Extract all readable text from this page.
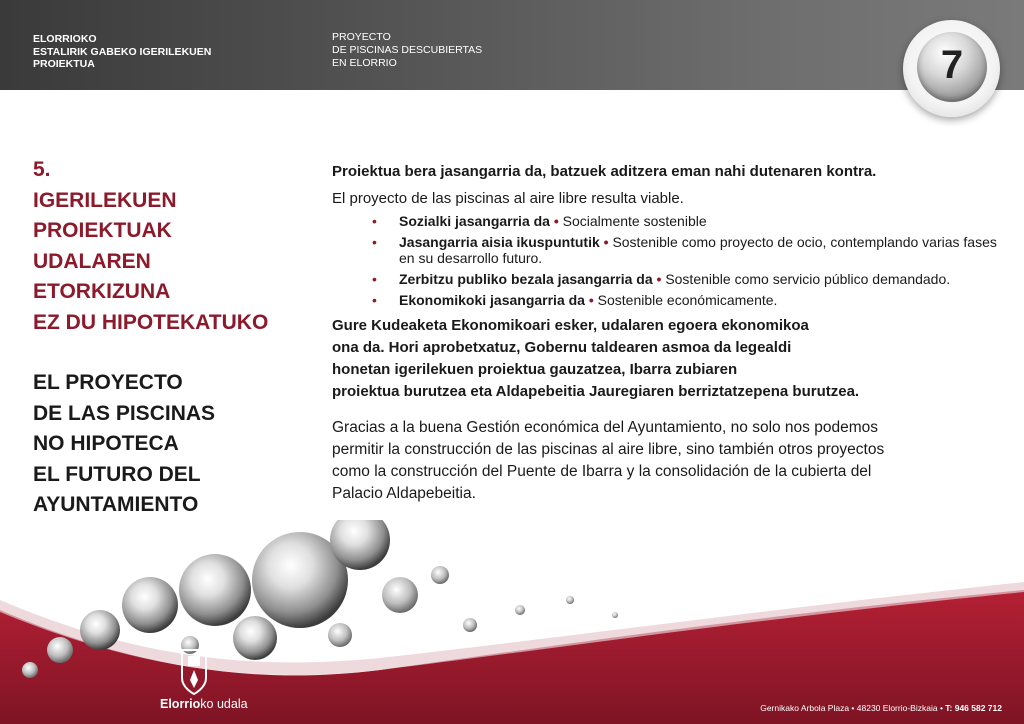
ELORRIOKO
ESTALIRIK GABEKO IGERILEKUEN
PROIEKTUA
PROYECTO
DE PISCINAS DESCUBIERTAS
EN ELORRIO	7
5.
IGERILEKUEN
PROIEKTUAK
UDALAREN
ETORKIZUNA
EZ DU HIPOTEKATUKO
EL PROYECTO
DE LAS PISCINAS
NO HIPOTECA
EL FUTURO DEL
AYUNTAMIENTO
Proiektua bera jasangarria da, batzuek aditzera eman nahi dutenaren kontra.
El proyecto de las piscinas al aire libre resulta viable.
• Sozialki jasangarria da • Socialmente sostenible
• Jasangarria aisia ikuspuntutik • Sostenible como proyecto de ocio, contemplando varias fases en su desarrollo futuro.
• Zerbitzu publiko bezala jasangarria da • Sostenible como servicio público demandado.
• Ekonomikoki jasangarria da • Sostenible económicamente.
Gure Kudeaketa Ekonomikoari esker, udalaren egoera ekonomikoa
ona da. Hori aprobetxatuz, Gobernu taldearen asmoa da legealdi
honetan igerilekuen proiektua gauzatzea, Ibarra zubiaren
proiektua burutzea eta Aldapebeitia Jauregiaren berriztatzepena burutzea.
Gracias a la buena Gestión económica del Ayuntamiento, no solo nos podemos
permitir la construcción de las piscinas al aire libre, sino también otros proyectos
como la construcción del Puente de Ibarra y la consolidación de la cubierta del
Palacio Aldapebeitia.
Elorrioko udala	Gernikako Arbola Plaza • 48230 Elorrio-Bizkaia • T: 946 582 712
